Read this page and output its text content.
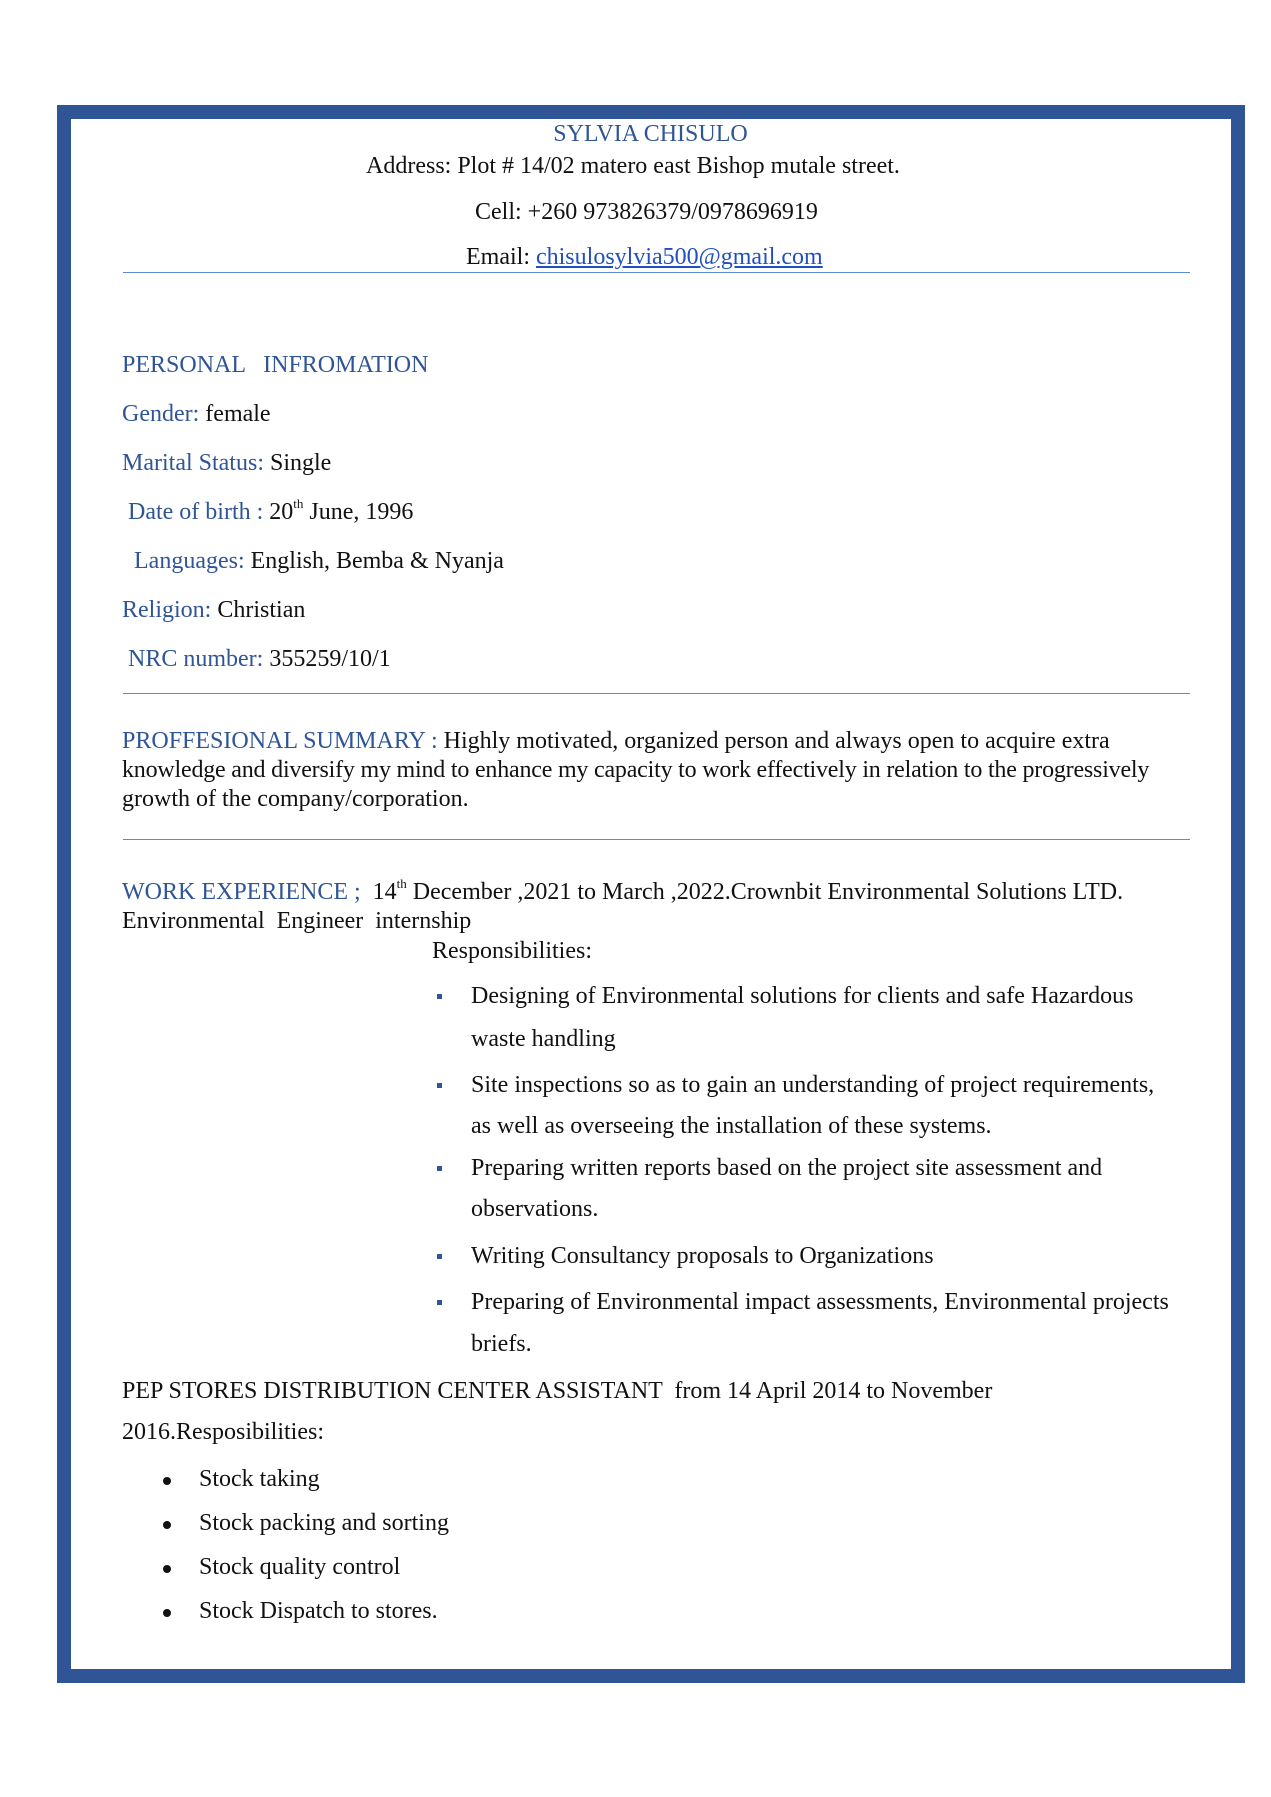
SYLVIA CHISULO
Address: Plot # 14/02 matero east Bishop mutale street.
Cell: +260 973826379/0978696919
Email: chisulosylvia500@gmail.com
PERSONAL   INFROMATION
Gender: female
Marital Status: Single
Date of birth : 20th June, 1996
Languages: English, Bemba & Nyanja
Religion: Christian
NRC number: 355259/10/1
PROFFESIONAL SUMMARY : Highly motivated, organized person and always open to acquire extra
knowledge and diversify my mind to enhance my capacity to work effectively in relation to the progressively
growth of the company/corporation.
WORK EXPERIENCE ;  14th December ,2021 to March ,2022.Crownbit Environmental Solutions LTD.
Environmental  Engineer  internship
Responsibilities:
Designing of Environmental solutions for clients and safe Hazardous
waste handling
Site inspections so as to gain an understanding of project requirements,
as well as overseeing the installation of these systems.
Preparing written reports based on the project site assessment and
observations.
Writing Consultancy proposals to Organizations
Preparing of Environmental impact assessments, Environmental projects
briefs.
PEP STORES DISTRIBUTION CENTER ASSISTANT  from 14 April 2014 to November
2016.Resposibilities:
Stock taking
Stock packing and sorting
Stock quality control
Stock Dispatch to stores.
